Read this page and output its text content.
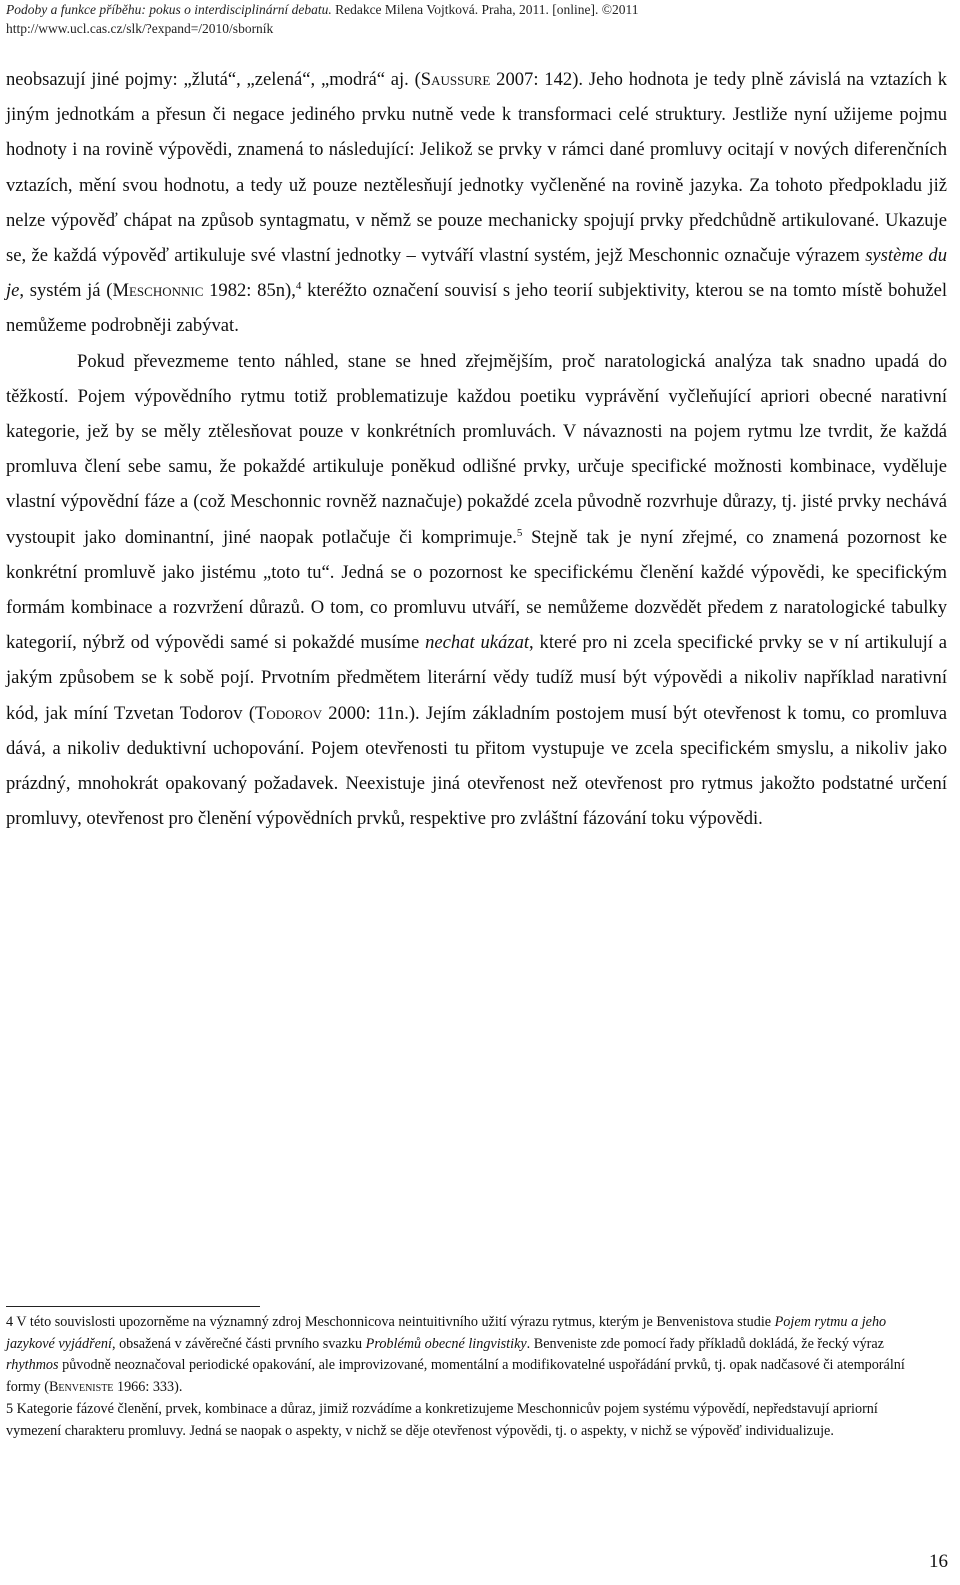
Podoby a funkce příběhu: pokus o interdisciplinární debatu. Redakce Milena Vojtková. Praha, 2011. [online]. ©2011
http://www.ucl.cas.cz/slk/?expand=/2010/sborník

neobsazují jiné pojmy: „žlutá“, „zelená“, „modrá“ aj. (Saussure 2007: 142). Jeho hodnota je tedy plně závislá na vztazích k jiným jednotkám a přesun či negace jediného prvku nutně vede k transformaci celé struktury. Jestliže nyní užijeme pojmu hodnoty i na rovině výpovědi, znamená to následující: Jelikož se prvky v rámci dané promluvy ocitají v nových diferenčních vztazích, mění svou hodnotu, a tedy už pouze neztělesňují jednotky vyčleněné na rovině jazyka. Za tohoto předpokladu již nelze výpověď chápat na způsob syntagmatu, v němž se pouze mechanicky spojují prvky předchůdně artikulované. Ukazuje se, že každá výpověď artikuluje své vlastní jednotky – vytváří vlastní systém, jejž Meschonnic označuje výrazem système du je, systém já (Meschonnic 1982: 85n),$^4$ kteréžto označení souvisí s jeho teorií subjektivity, kterou se na tomto místě bohužel nemůžeme podrobněji zabývat.

Pokud převezmeme tento náhled, stane se hned zřejmějším, proč naratologická analýza tak snadno upadá do těžkostí. Pojem výpovědního rytmu totiž problematizuje každou poetiku vyprávění vyčleňující apriori obecné narativní kategorie, jež by se měly ztělesňovat pouze v konkrétních promluvách. V návaznosti na pojem rytmu lze tvrdit, že každá promluva člení sebe samu, že pokaždé artikuluje poněkud odlišné prvky, určuje specifické možnosti kombinace, vyděluje vlastní výpovědní fáze a (což Meschonnic rovněž naznačuje) pokaždé zcela původně rozvrhuje důrazy, tj. jisté prvky nechává vystoupit jako dominantní, jiné naopak potlačuje či komprimuje.$^5$ Stejně tak je nyní zřejmé, co znamená pozornost ke konkrétní promluvě jako jistému „toto tu“. Jedná se o pozornost ke specifickému členění každé výpovědi, ke specifickým formám kombinace a rozvržení důrazů. O tom, co promluvu utváří, se nemůžeme dozvědět předem z naratologické tabulky kategorií, nýbrž od výpovědi samé si pokaždé musíme nechat ukázat, které pro ni zcela specifické prvky se v ní artikulují a jakým způsobem se k sobě pojí. Prvotním předmětem literární vědy tudíž musí být výpovědi a nikoliv například narativní kód, jak míní Tzvetan Todorov (Todorov 2000: 11n.). Jejím základním postojem musí být otevřenost k tomu, co promluva dává, a nikoliv deduktivní uchopování. Pojem otevřenosti tu přitom vystupuje ve zcela specifickém smyslu, a nikoliv jako prázdný, mnohokrát opakovaný požadavek. Neexistuje jiná otevřenost než otevřenost pro rytmus jakožto podstatné určení promluvy, otevřenost pro členění výpovědních prvků, respektive pro zvláštní fázování toku výpovědi.

4 V této souvislosti upozorněme na významný zdroj Meschonnicova neintuitivního užití výrazu rytmus, kterým je Benvenistova studie Pojem rytmu a jeho jazykové vyjádření, obsažená v závěrečné části prvního svazku Problémů obecné lingvistiky. Benveniste zde pomocí řady příkladů dokládá, že řecký výraz rhythmos původně neoznačoval periodické opakování, ale improvizované, momentální a modifikovatelné uspořádání prvků, tj. opak nadčasové či atemporální formy (Benveniste 1966: 333).

5 Kategorie fázové členění, prvek, kombinace a důraz, jimiž rozvádíme a konkretizujeme Meschonnicův pojem systému výpovědí, nepředstavují apriorní vymezení charakteru promluvy. Jedná se naopak o aspekty, v nichž se děje otevřenost výpovědi, tj. o aspekty, v nichž se výpověď individualizuje.

16
